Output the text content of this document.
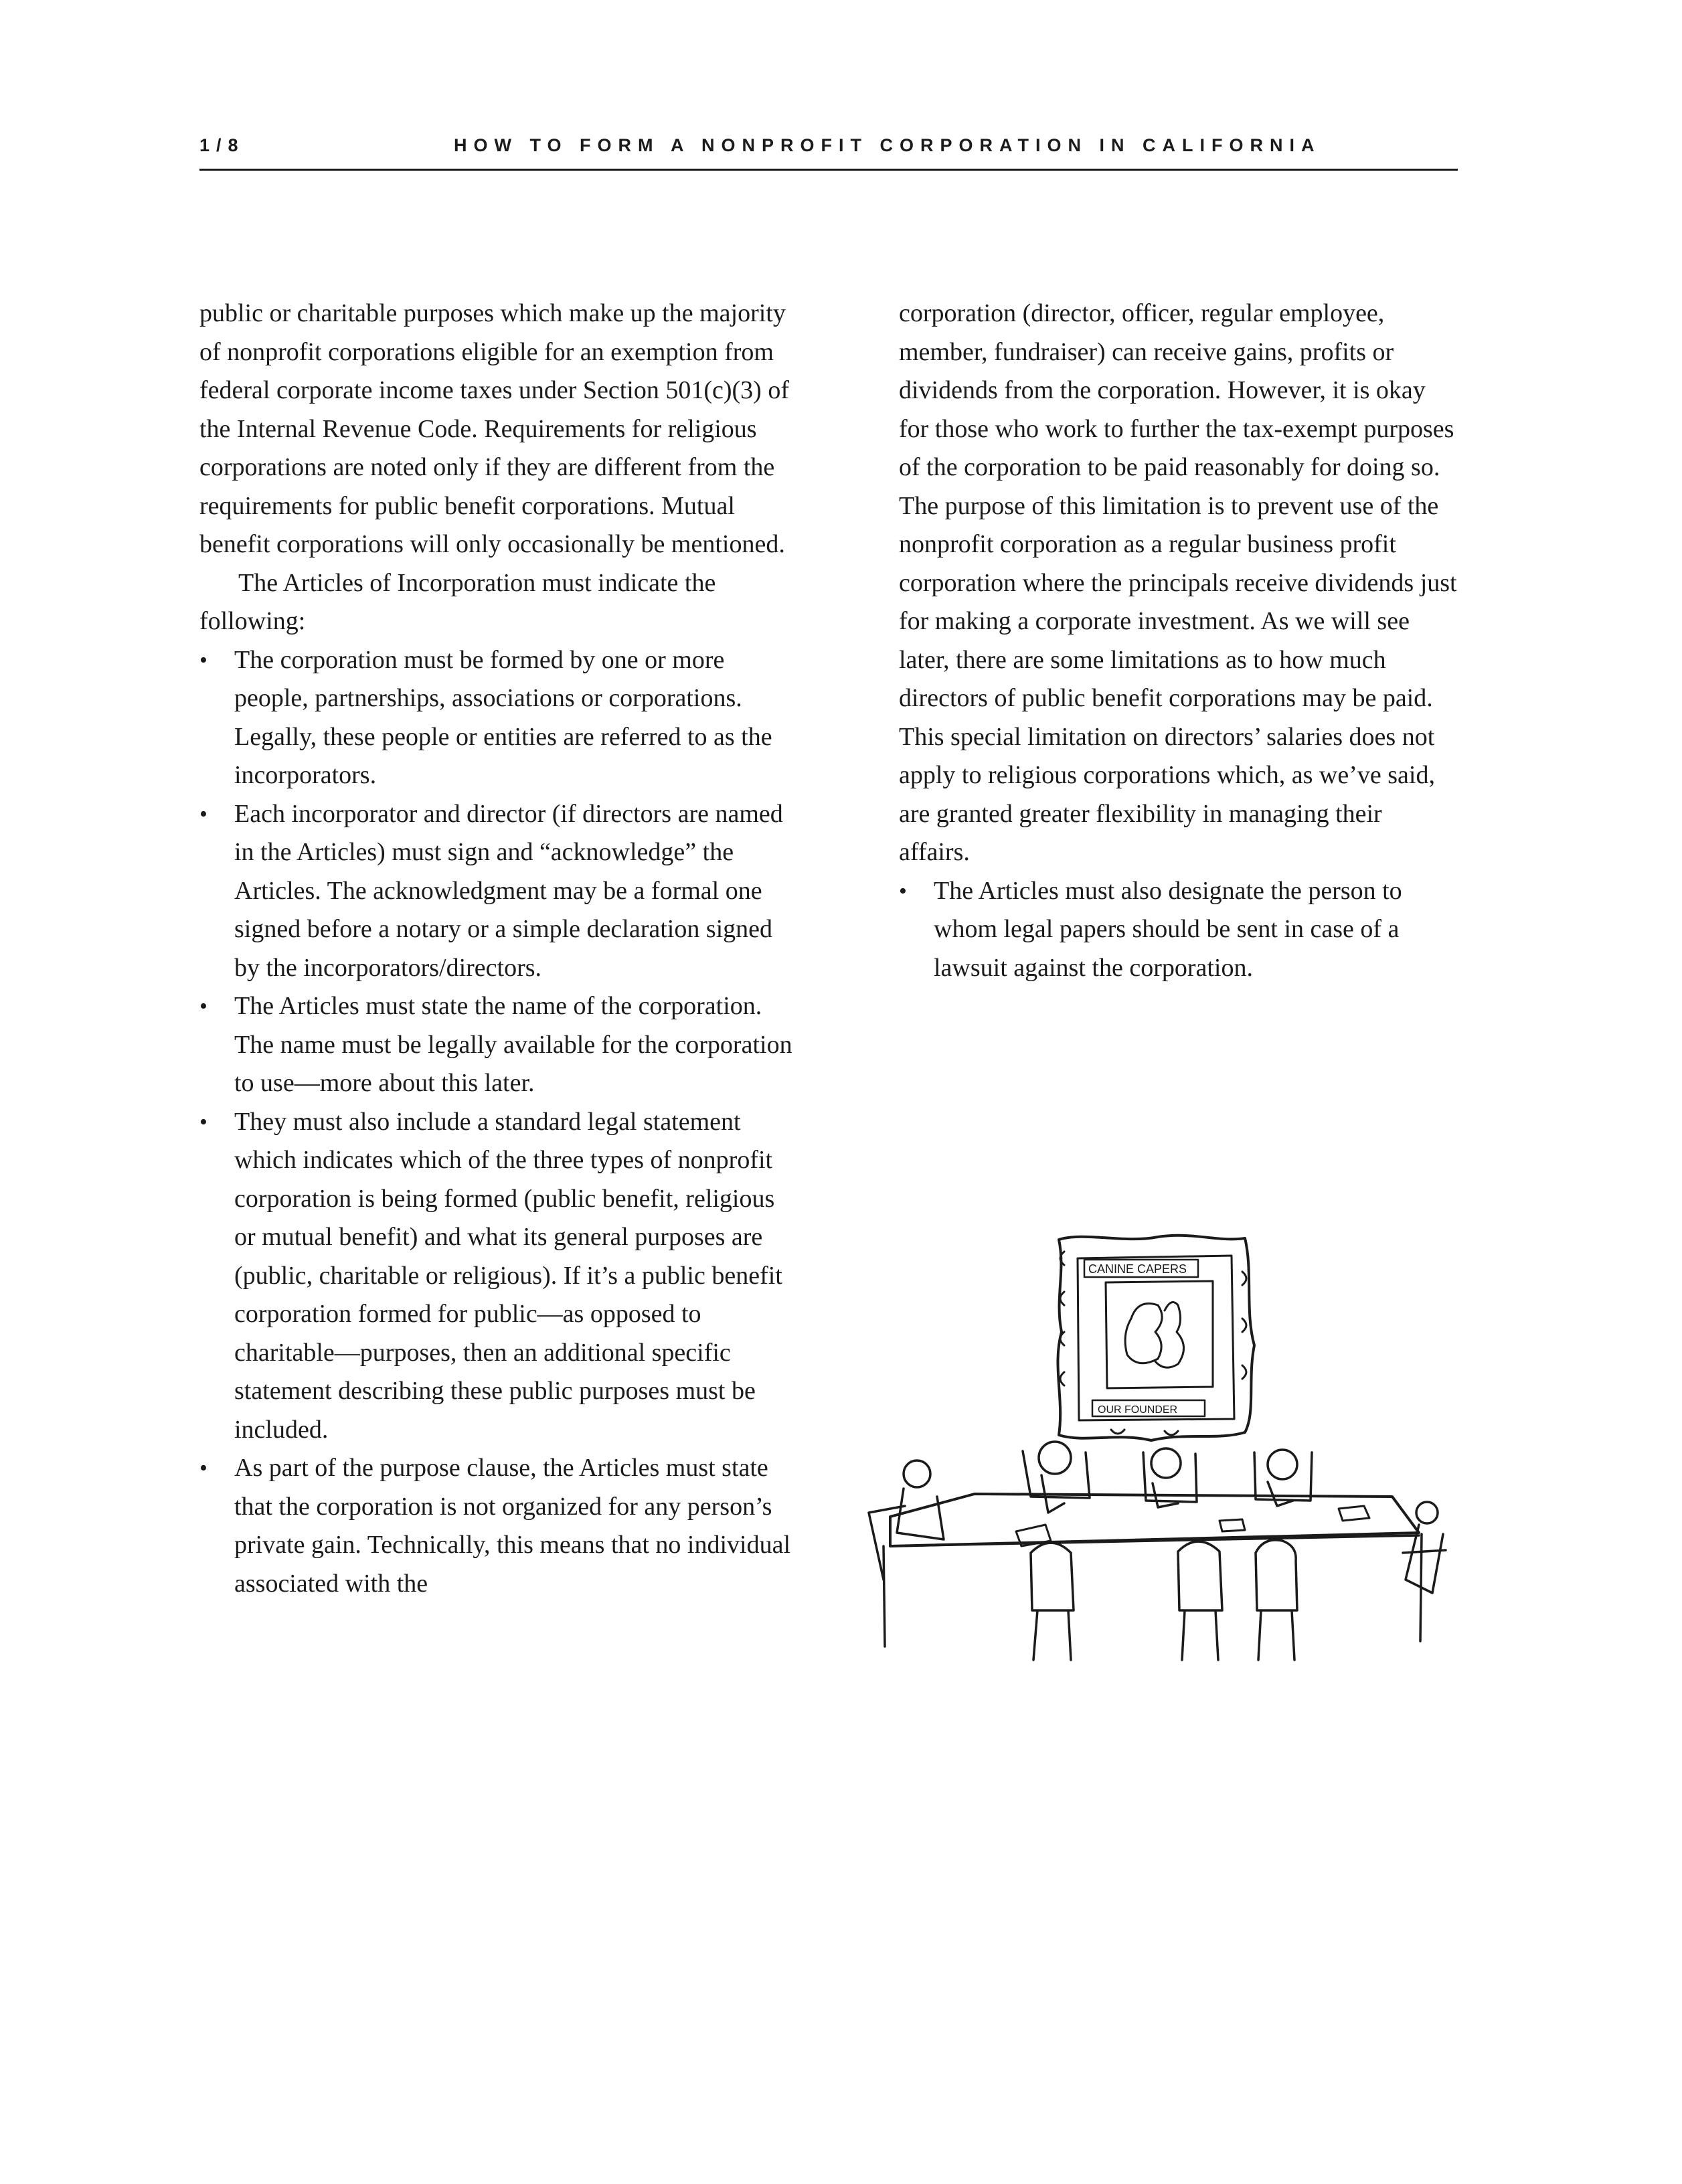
1/8	HOW TO FORM A NONPROFIT CORPORATION IN CALIFORNIA

public or charitable purposes which make up the majority of nonprofit corporations eligible for an exemption from federal corporate income taxes under Section 501(c)(3) of the Internal Revenue Code. Requirements for religious corporations are noted only if they are different from the requirements for public benefit corporations. Mutual benefit corporations will only occasionally be mentioned.

The Articles of Incorporation must indicate the following:

• The corporation must be formed by one or more people, partnerships, associations or corporations. Legally, these people or entities are referred to as the incorporators.
• Each incorporator and director (if directors are named in the Articles) must sign and “acknowledge” the Articles. The acknowledgment may be a formal one signed before a notary or a simple declaration signed by the incorporators/directors.
• The Articles must state the name of the corporation. The name must be legally available for the corporation to use—more about this later.
• They must also include a standard legal statement which indicates which of the three types of nonprofit corporation is being formed (public benefit, religious or mutual benefit) and what its general purposes are (public, charitable or religious). If it’s a public benefit corporation formed for public—as opposed to charitable—purposes, then an additional specific statement describing these public purposes must be included.
• As part of the purpose clause, the Articles must state that the corporation is not organized for any person’s private gain. Technically, this means that no individual associated with the

corporation (director, officer, regular employee, member, fundraiser) can receive gains, profits or dividends from the corporation. However, it is okay for those who work to further the tax-exempt purposes of the corporation to be paid reasonably for doing so. The purpose of this limitation is to prevent use of the nonprofit corporation as a regular business profit corporation where the principals receive dividends just for making a corporate investment. As we will see later, there are some limitations as to how much directors of public benefit corporations may be paid. This special limitation on directors’ salaries does not apply to religious corporations which, as we’ve said, are granted greater flexibility in managing their affairs.

• The Articles must also designate the person to whom legal papers should be sent in case of a lawsuit against the corporation.
CANINE CAPERS
OUR FOUNDER
